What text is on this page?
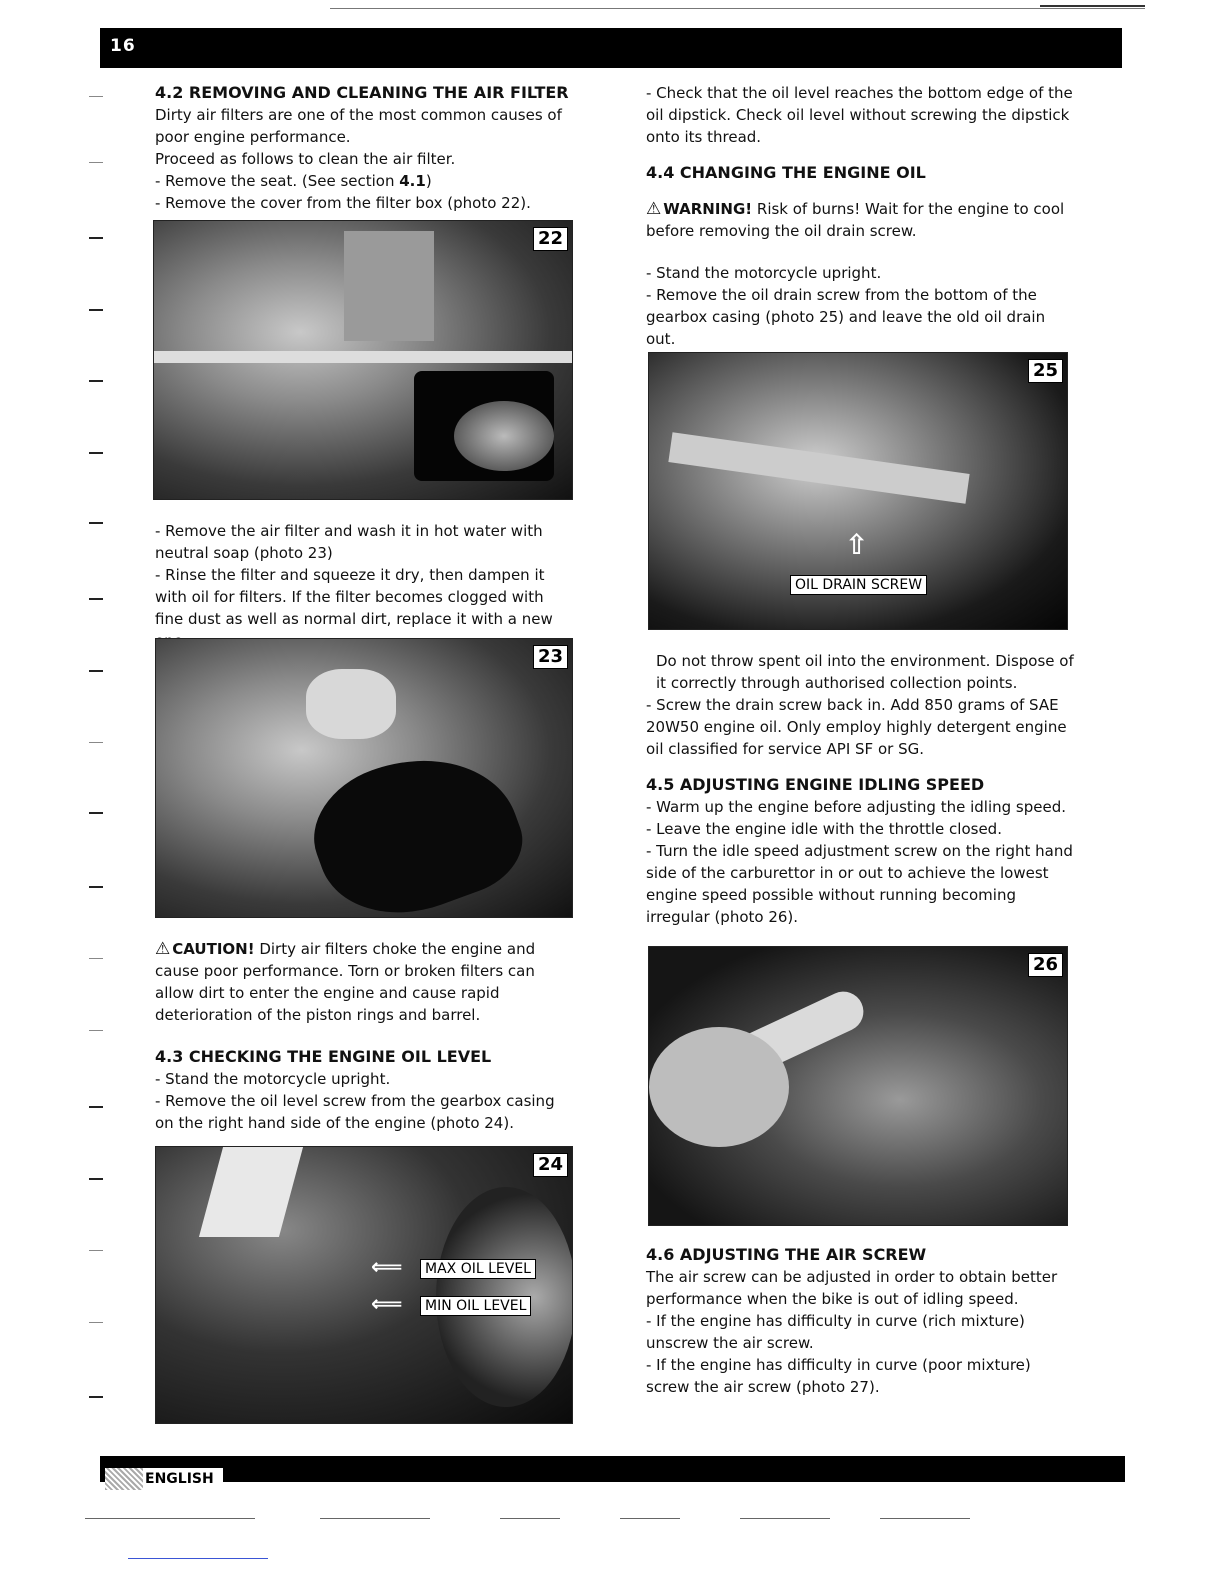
16

4.2 REMOVING AND CLEANING THE AIR FILTER

Dirty air filters are one of the most common causes of poor engine performance.

Proceed as follows to clean the air filter.

- Remove the seat. (See section 4.1)

- Remove the cover from the filter box (photo 22).

22

- Remove the air filter and wash it in hot water with neutral soap (photo 23)

- Rinse the filter and squeeze it dry, then dampen it with oil for filters. If the filter becomes clogged with fine dust as well as normal dirt, replace it with a new

23

⚠ CAUTION! Dirty air filters choke the engine and cause poor performance. Torn or broken filters can allow dirt to enter the engine and cause rapid deterioration of the piston rings and barrel.

4.3 CHECKING THE ENGINE OIL LEVEL

- Stand the motorcycle upright.

- Remove the oil level screw from the gearbox casing on the right hand side of the engine (photo 24).

24
⟸	MAX OIL LEVEL
⟸	MIN OIL LEVEL

- Check that the oil level reaches the bottom edge of the oil dipstick. Check oil level without screwing the dipstick onto its thread.

4.4 CHANGING THE ENGINE OIL

⚠ WARNING! Risk of burns! Wait for the engine to cool before removing the oil drain screw.

- Stand the motorcycle upright.

- Remove the oil drain screw from the bottom of the gearbox casing (photo 25) and leave the old oil drain out.

25
⇧
OIL DRAIN SCREW

Do not throw spent oil into the environment. Dispose of it correctly through authorised collection points.

- Screw the drain screw back in. Add 850 grams of SAE 20W50 engine oil. Only employ highly detergent engine oil classified for service API SF or SG.

4.5 ADJUSTING ENGINE IDLING SPEED

- Warm up the engine before adjusting the idling speed.

- Leave the engine idle with the throttle closed.

- Turn the idle speed adjustment screw on the right hand side of the carburettor in or out to achieve the lowest engine speed possible without running becoming irregular (photo 26).

26

4.6 ADJUSTING THE AIR SCREW

The air screw can be adjusted in order to obtain better performance when the bike is out of idling speed.

- If the engine has difficulty in curve (rich mixture) unscrew the air screw.

- If the engine has difficulty in curve (poor mixture) screw the air screw (photo 27).

ENGLISH
